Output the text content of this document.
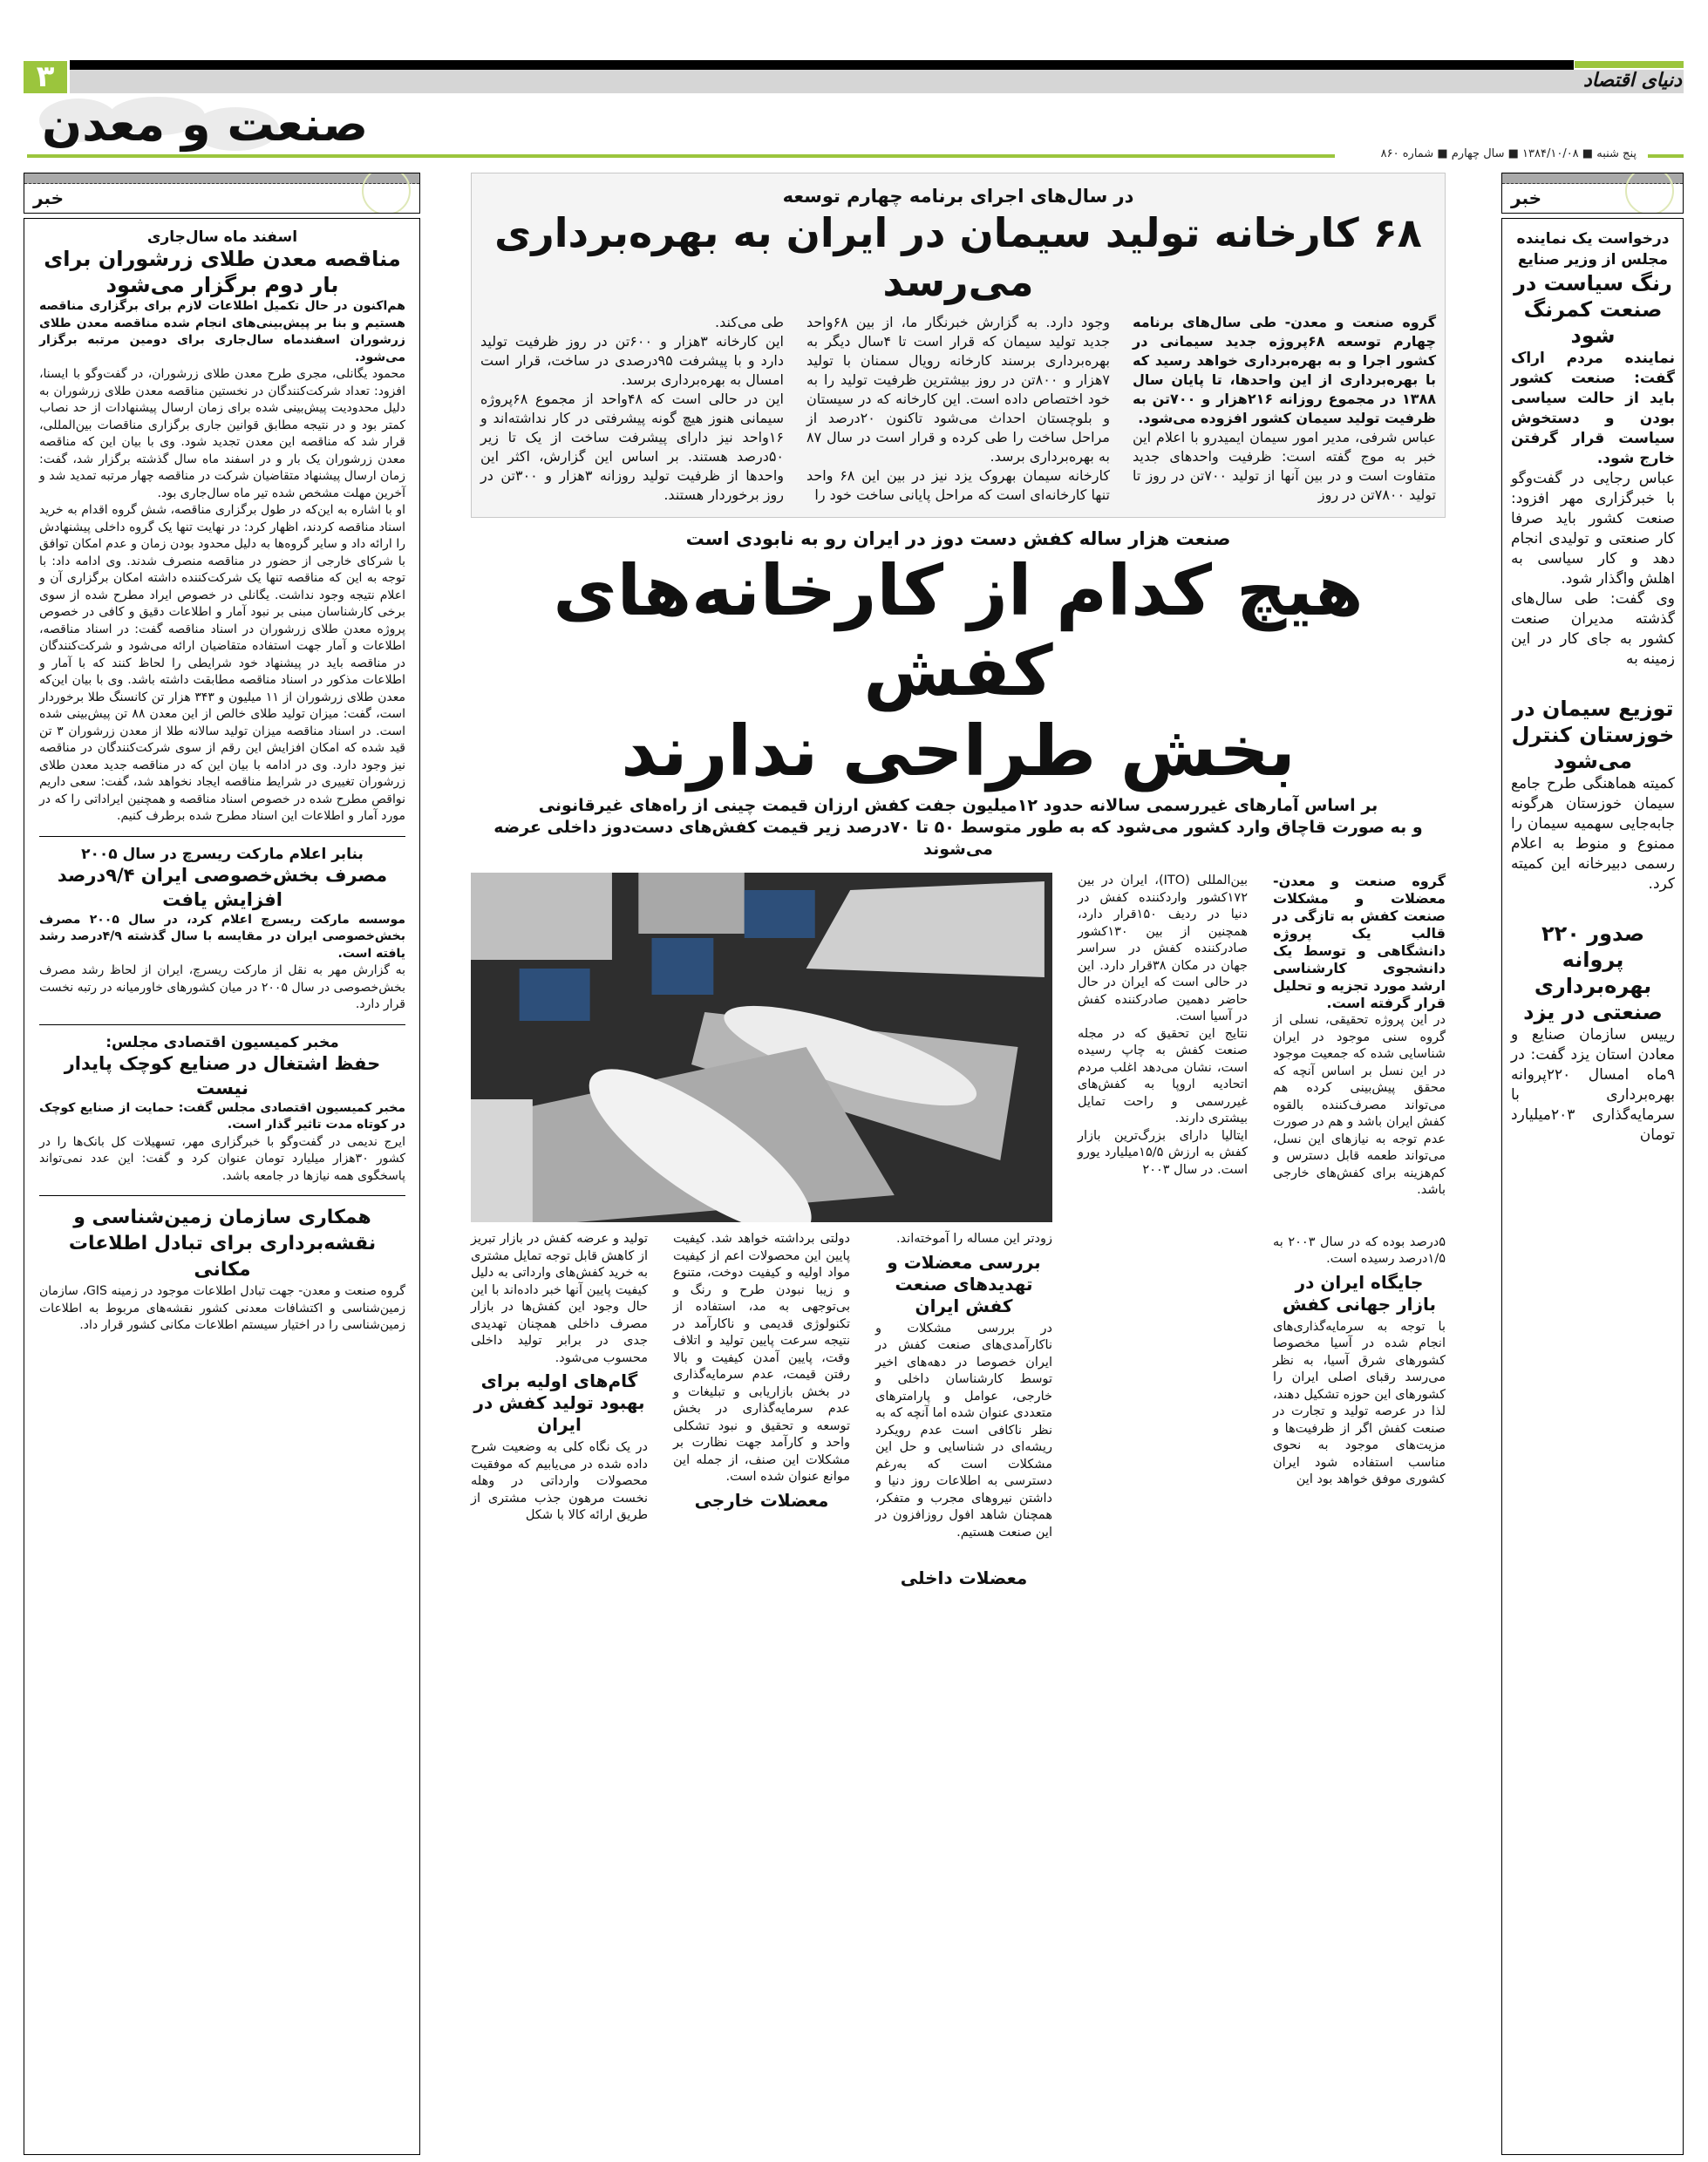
۳	دنیای اقتصاد
صنعت و معدن
پنج شنبه ■ ۱۳۸۴/۱۰/۰۸ ■ سال چهارم ■ شماره ۸۶۰
خبر
اسفند ماه سال‌جاری
مناقصه معدن طلای زرشوران برای بار دوم برگزار می‌شود

هم‌اکنون در حال تکمیل اطلاعات لازم برای برگزاری مناقصه هستیم و بنا بر پیش‌بینی‌های انجام شده مناقصه معدن طلای زرشوران اسفندماه سال‌جاری برای دومین مرتبه برگزار می‌شود.

محمود یگانلی، مجری طرح معدن طلای زرشوران، در گفت‌وگو با ایسنا، افزود: تعداد شرکت‌کنندگان در نخستین مناقصه معدن طلای زرشوران به دلیل محدودیت پیش‌بینی شده برای زمان ارسال پیشنهادات از حد نصاب کمتر بود و در نتیجه مطابق قوانین جاری برگزاری مناقصات بین‌المللی، قرار شد که مناقصه این معدن تجدید شود. وی با بیان این که مناقصه معدن زرشوران یک بار و در اسفند ماه سال گذشته برگزار شد، گفت: زمان ارسال پیشنهاد متقاضیان شرکت در مناقصه چهار مرتبه تمدید شد و آخرین مهلت مشخص شده تیر ماه سال‌جاری بود.

او با اشاره به این‌که در طول برگزاری مناقصه، شش گروه اقدام به خرید اسناد مناقصه کردند، اظهار کرد: در نهایت تنها یک گروه داخلی پیشنهادش را ارائه داد و سایر گروه‌ها به دلیل محدود بودن زمان و عدم امکان توافق با شرکای خارجی از حضور در مناقصه منصرف شدند. وی ادامه داد: با توجه به این که مناقصه تنها یک شرکت‌کننده داشته امکان برگزاری آن و اعلام نتیجه وجود نداشت. یگانلی در خصوص ایراد مطرح شده از سوی برخی کارشناسان مبنی بر نبود آمار و اطلاعات دقیق و کافی در خصوص پروژه معدن طلای زرشوران در اسناد مناقصه گفت: در اسناد مناقصه، اطلاعات و آمار جهت استفاده متقاضیان ارائه می‌شود و شرکت‌کنندگان در مناقصه باید در پیشنهاد خود شرایطی را لحاظ کنند که با آمار و اطلاعات مذکور در اسناد مناقصه مطابقت داشته باشد. وی با بیان این‌که معدن طلای زرشوران از ۱۱ میلیون و ۳۴۳ هزار تن کانسنگ طلا برخوردار است، گفت: میزان تولید طلای خالص از این معدن ۸۸ تن پیش‌بینی شده است. در اسناد مناقصه میزان تولید سالانه طلا از معدن زرشوران ۳ تن قید شده که امکان افزایش این رقم از سوی شرکت‌کنندگان در مناقصه نیز وجود دارد. وی در ادامه با بیان این که در مناقصه جدید معدن طلای زرشوران تغییری در شرایط مناقصه ایجاد نخواهد شد، گفت: سعی داریم نواقص مطرح شده در خصوص اسناد مناقصه و همچنین ایراداتی را که در مورد آمار و اطلاعات این اسناد مطرح شده برطرف کنیم.

بنابر اعلام مارکت ریسرچ در سال ۲۰۰۵
مصرف بخش‌خصوصی ایران ۹/۴درصد افزایش یافت

موسسه مارکت ریسرچ اعلام کرد، در سال ۲۰۰۵ مصرف بخش‌خصوصی ایران در مقایسه با سال گذشته ۴/۹درصد رشد یافته است.

به گزارش مهر به نقل از مارکت ریسرچ، ایران از لحاظ رشد مصرف بخش‌خصوصی در سال ۲۰۰۵ در میان کشورهای خاورمیانه در رتبه نخست قرار دارد.

مخبر کمیسیون اقتصادی مجلس:
حفظ اشتغال در صنایع کوچک پایدار نیست

مخبر کمیسیون اقتصادی مجلس گفت: حمایت از صنایع کوچک در کوتاه مدت تاثیر گذار است.

ایرج ندیمی در گفت‌وگو با خبرگزاری مهر، تسهیلات کل بانک‌ها را در کشور ۳۰هزار میلیارد تومان عنوان کرد و گفت: این عدد نمی‌تواند پاسخگوی همه نیازها در جامعه باشد.

همکاری سازمان زمین‌شناسی و نقشه‌برداری برای تبادل اطلاعات مکانی

گروه صنعت و معدن- جهت تبادل اطلاعات موجود در زمینه GIS، سازمان زمین‌شناسی و اکتشافات معدنی کشور نقشه‌های مربوط به اطلاعات زمین‌شناسی را در اختیار سیستم اطلاعات مکانی کشور قرار داد.

در سال‌های اجرای برنامه چهارم توسعه
۶۸ کارخانه تولید سیمان در ایران به بهره‌برداری می‌رسد

گروه صنعت و معدن- طی سال‌های برنامه چهارم توسعه ۶۸پروژه جدید سیمانی در کشور اجرا و به بهره‌برداری خواهد رسید که با بهره‌برداری از این واحدها، تا پایان سال ۱۳۸۸ در مجموع روزانه ۲۱۶هزار و ۷۰۰تن به ظرفیت تولید سیمان کشور افزوده می‌شود.

عباس شرفی، مدیر امور سیمان ایمیدرو با اعلام این خبر به موج گفته است: ظرفیت واحدهای جدید متفاوت است و در بین آنها از تولید ۷۰۰تن در روز تا تولید ۷۸۰۰تن در روز

وجود دارد. به گزارش خبرنگار ما، از بین ۶۸واحد جدید تولید سیمان که قرار است تا ۴سال دیگر به بهره‌برداری برسند کارخانه رویال سمنان با تولید ۷هزار و ۸۰۰تن در روز بیشترین ظرفیت تولید را به خود اختصاص داده است. این کارخانه که در سیستان و بلوچستان احداث می‌شود تاکنون ۲۰درصد از مراحل ساخت را طی کرده و قرار است در سال ۸۷ به بهره‌برداری برسد.

کارخانه سیمان بهروک یزد نیز در بین این ۶۸ واحد تنها کارخانه‌ای است که مراحل پایانی ساخت خود را

طی می‌کند.

این کارخانه ۳هزار و ۶۰۰تن در روز ظرفیت تولید دارد و با پیشرفت ۹۵درصدی در ساخت، قرار است امسال به بهره‌برداری برسد.

این در حالی است که ۴۸واحد از مجموع ۶۸پروژه سیمانی هنوز هیچ گونه پیشرفتی در کار نداشته‌اند و ۱۶واحد نیز دارای پیشرفت ساخت از یک تا زیر ۵۰درصد هستند. بر اساس این گزارش، اکثر این واحدها از ظرفیت تولید روزانه ۳هزار و ۳۰۰تن در روز برخوردار هستند.

صنعت هزار ساله کفش دست دوز در ایران رو به نابودی است
هیچ کدام از کارخانه‌های کفش
بخش طراحی ندارند
بر اساس آمارهای غیررسمی سالانه حدود ۱۲میلیون جفت کفش ارزان قیمت چینی از راه‌های غیرقانونی
و به صورت قاچاق وارد کشور می‌شود که به طور متوسط ۵۰ تا ۷۰درصد زیر قیمت کفش‌های دست‌دوز داخلی عرضه می‌شوند

گروه صنعت و معدن- معضلات و مشکلات صنعت کفش به تازگی در قالب یک پروژه دانشگاهی و توسط یک دانشجوی کارشناسی ارشد مورد تجزیه و تحلیل قرار گرفته است.

در این پروژه تحقیقی، نسلی از گروه سنی موجود در ایران شناسایی شده که جمعیت موجود در این نسل بر اساس آنچه که محقق پیش‌بینی کرده هم می‌تواند مصرف‌کننده بالقوه کفش ایران باشد و هم در صورت عدم توجه به نیازهای این نسل، می‌تواند طعمه قابل دسترس و کم‌هزینه برای کفش‌های خارجی باشد.

۵درصد بوده که در سال ۲۰۰۳ به ۱/۵درصد رسیده است.

جایگاه ایران در بازار جهانی کفش

با توجه به سرمایه‌گذاری‌های انجام شده در آسیا مخصوصا کشورهای شرق آسیا، به نظر می‌رسد رقبای اصلی ایران را کشورهای این حوزه تشکیل دهند، لذا در عرصه تولید و تجارت در صنعت کفش اگر از ظرفیت‌ها و مزیت‌های موجود به نحوی مناسب استفاده شود ایران کشوری موفق خواهد بود این

بین‌المللی (ITO)، ایران در بین ۱۷۲کشور واردکننده کفش در دنیا در ردیف ۱۵۰قرار دارد، همچنین از بین ۱۳۰کشور صادرکننده کفش در سراسر جهان در مکان ۳۸قرار دارد. این در حالی است که ایران در حال حاضر دهمین صادرکننده کفش در آسیا است.

نتایج این تحقیق که در مجله صنعت کفش به چاپ رسیده است، نشان می‌دهد اغلب مردم اتحادیه اروپا به کفش‌های غیررسمی و راحت تمایل بیشتری دارند.

ایتالیا دارای بزرگ‌ترین بازار کفش به ارزش ۱۵/۵میلیارد یورو است. در سال ۲۰۰۳

زودتر این مساله را آموخته‌اند.

بررسی معضلات و تهدیدهای صنعت کفش ایران

در بررسی مشکلات و ناکارآمدی‌های صنعت کفش در ایران خصوصا در دهه‌های اخیر توسط کارشناسان داخلی و خارجی، عوامل و پارامترهای متعددی عنوان شده اما آنچه که به نظر ناکافی است عدم رویکرد ریشه‌ای در شناسایی و حل این مشکلات است که به‌رغم دسترسی به اطلاعات روز دنیا و داشتن نیروهای مجرب و متفکر، همچنان شاهد افول روزافزون در این صنعت هستیم.

معضلات داخلی

دولتی برداشته خواهد شد. کیفیت پایین این محصولات اعم از کیفیت مواد اولیه و کیفیت دوخت، متنوع و زیبا نبودن طرح و رنگ و بی‌توجهی به مد، استفاده از تکنولوژی قدیمی و ناکارآمد در نتیجه سرعت پایین تولید و اتلاف وقت، پایین آمدن کیفیت و بالا رفتن قیمت، عدم سرمایه‌گذاری در بخش بازاریابی و تبلیغات و عدم سرمایه‌گذاری در بخش توسعه و تحقیق و نبود تشکلی واحد و کارآمد جهت نظارت بر مشکلات این صنف، از جمله این موانع عنوان شده است.

معضلات خارجی

تولید و عرضه کفش در بازار تبریز از کاهش قابل توجه تمایل مشتری به خرید کفش‌های وارداتی به دلیل کیفیت پایین آنها خبر داده‌اند با این حال وجود این کفش‌ها در بازار مصرف داخلی همچنان تهدیدی جدی در برابر تولید داخلی محسوب می‌شود.

گام‌های اولیه برای بهبود تولید کفش در ایران

در یک نگاه کلی به وضعیت شرح داده شده در می‌یابیم که موفقیت محصولات وارداتی در وهله نخست مرهون جذب مشتری از طریق ارائه کالا با شکل

خبر
درخواست یک نماینده مجلس از وزیر صنایع
رنگ سیاست در صنعت کمرنگ شود

نماینده مردم اراک گفت: صنعت کشور باید از حالت سیاسی بودن و دستخوش سیاست قرار گرفتن خارج شود.

عباس رجایی در گفت‌وگو با خبرگزاری مهر افزود: صنعت کشور باید صرفا کار صنعتی و تولیدی انجام دهد و کار سیاسی به اهلش واگذار شود.

وی گفت: طی سال‌های گذشته مدیران صنعت کشور به جای کار در این زمینه به

توزیع سیمان در خوزستان کنترل می‌شود

کمیته هماهنگی طرح جامع سیمان خوزستان هرگونه جابه‌جایی سهمیه سیمان را ممنوع و منوط به اعلام رسمی دبیرخانه این کمیته کرد.

صدور ۲۲۰ پروانه بهره‌برداری صنعتی در یزد

رییس سازمان صنایع و معادن استان یزد گفت: در ۹ماه امسال ۲۲۰پروانه بهره‌برداری با سرمایه‌گذاری ۲۰۳میلیارد تومان
